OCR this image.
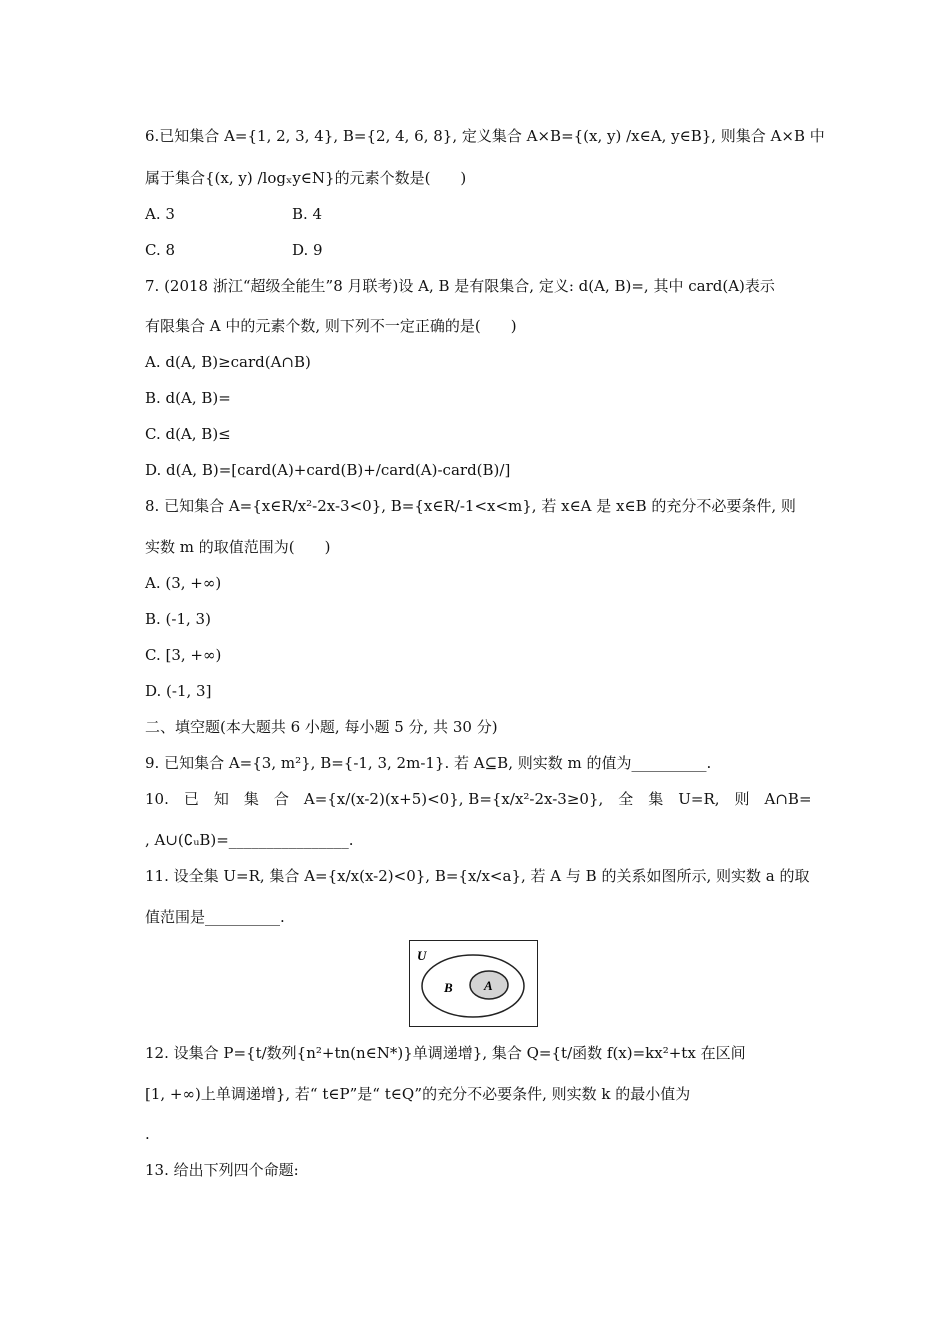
6.已知集合 A={1, 2, 3, 4}, B={2, 4, 6, 8}, 定义集合 A×B={(x, y) /x∈A, y∈B}, 则集合 A×B 中
属于集合{(x, y) /logₓy∈N}的元素个数是(　　)
A. 3	B. 4
C. 8	D. 9
7. (2018 浙江“超级全能生”8 月联考)设 A, B 是有限集合, 定义: d(A, B)=, 其中 card(A)表示
有限集合 A 中的元素个数, 则下列不一定正确的是(　　)
A. d(A, B)≥card(A∩B)
B. d(A, B)=
C. d(A, B)≤
D. d(A, B)=[card(A)+card(B)+/card(A)-card(B)/]
8. 已知集合 A={x∈R/x²-2x-3<0}, B={x∈R/-1<x<m}, 若 x∈A 是 x∈B 的充分不必要条件, 则
实数 m 的取值范围为(　　)
A. (3, +∞)
B. (-1, 3)
C. [3, +∞)
D. (-1, 3]
二、填空题(本大题共 6 小题, 每小题 5 分, 共 30 分)
9. 已知集合 A={3, m²}, B={-1, 3, 2m-1}. 若 A⊆B, 则实数 m 的值为__________.
10.　已　知　集　合　A={x/(x-2)(x+5)<0}, B={x/x²-2x-3≥0},　全　集　U=R,　则　A∩B=
, A∪(∁ᵤB)=________________.
11. 设全集 U=R, 集合 A={x/x(x-2)<0}, B={x/x<a}, 若 A 与 B 的关系如图所示, 则实数 a 的取
值范围是__________.
U
B A
12. 设集合 P={t/数列{n²+tn(n∈N*)}单调递增}, 集合 Q={t/函数 f(x)=kx²+tx 在区间
[1, +∞)上单调递增}, 若“ t∈P”是“ t∈Q”的充分不必要条件, 则实数 k 的最小值为
.
13. 给出下列四个命题:
